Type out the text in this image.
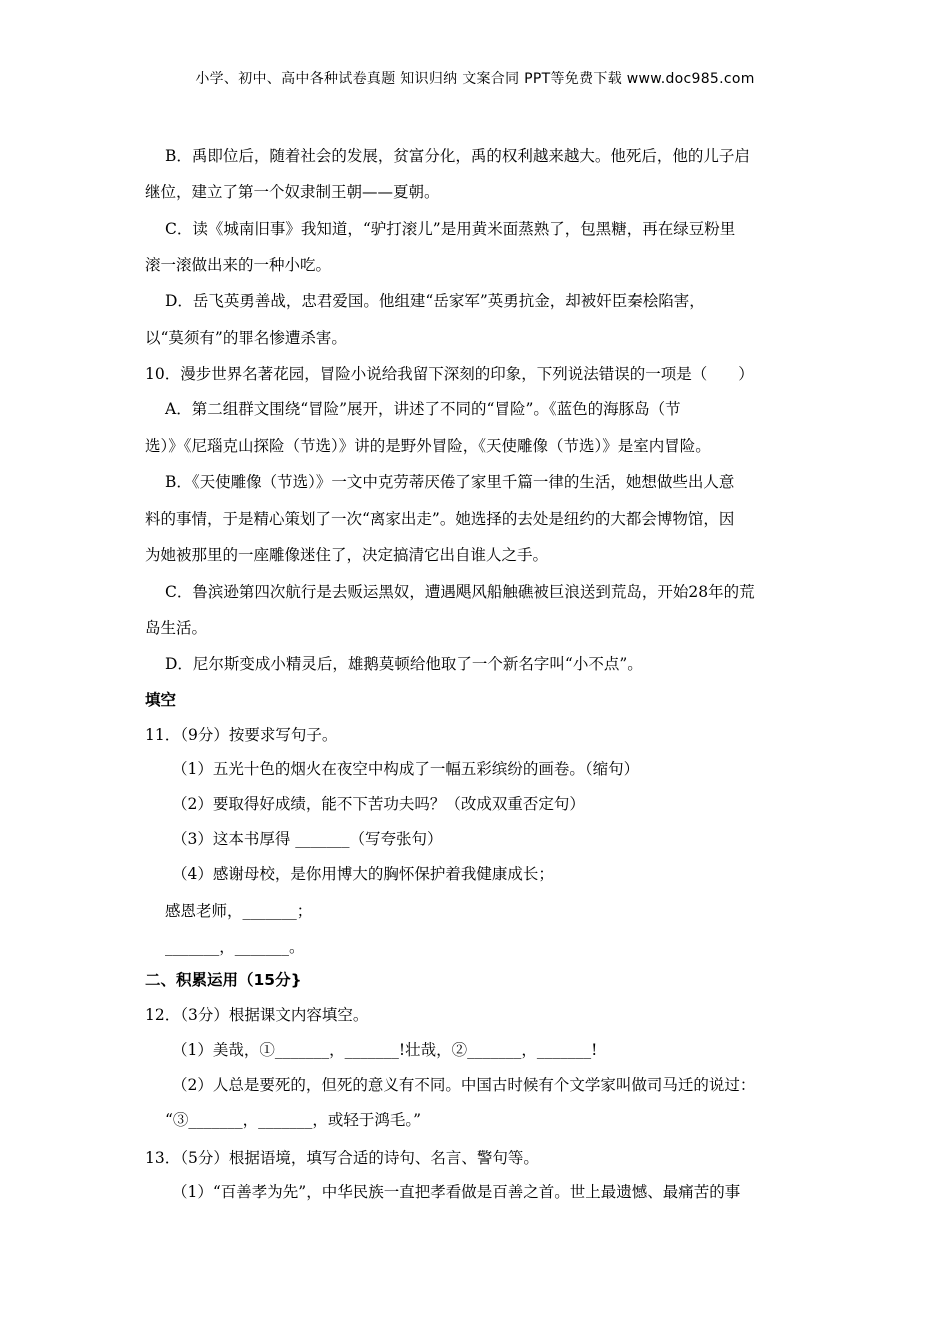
小学、初中、高中各种试卷真题 知识归纳 文案合同 PPT等免费下载 www.doc985.com
B．禹即位后，随着社会的发展，贫富分化，禹的权利越来越大。他死后，他的儿子启
继位，建立了第一个奴隶制王朝——夏朝。
C．读《城南旧事》我知道，“驴打滚儿”是用黄米面蒸熟了，包黑糖，再在绿豆粉里
滚一滚做出来的一种小吃。
D．岳飞英勇善战，忠君爱国。他组建“岳家军”英勇抗金，却被奸臣秦桧陷害，
以“莫须有”的罪名惨遭杀害。
10．漫步世界名著花园，冒险小说给我留下深刻的印象，下列说法错误的一项是（　　）
A．第二组群文围绕“冒险”展开，讲述了不同的“冒险”。《蓝色的海豚岛（节
选）》《尼瑙克山探险（节选）》讲的是野外冒险，《天使雕像（节选）》是室内冒险。
B．《天使雕像（节选）》一文中克劳蒂厌倦了家里千篇一律的生活，她想做些出人意
料的事情，于是精心策划了一次“离家出走”。她选择的去处是纽约的大都会博物馆，因
为她被那里的一座雕像迷住了，决定搞清它出自谁人之手。
C．鲁滨逊第四次航行是去贩运黑奴，遭遇飓风船触礁被巨浪送到荒岛，开始28年的荒
岛生活。
D．尼尔斯变成小精灵后，雄鹅莫顿给他取了一个新名字叫“小不点”。
填空
11．（9分）按要求写句子。
（1）五光十色的烟火在夜空中构成了一幅五彩缤纷的画卷。（缩句）
（2）要取得好成绩，能不下苦功夫吗？（改成双重否定句）
（3）这本书厚得 _______（写夸张句）
（4）感谢母校，是你用博大的胸怀保护着我健康成长；
感恩老师，_______；
_______，_______。
二、积累运用（15分}
12．（3分）根据课文内容填空。
（1）美哉，①_______，_______!壮哉，②_______，_______!
（2）人总是要死的，但死的意义有不同。中国古时候有个文学家叫做司马迁的说过：
“③_______，_______，或轻于鸿毛。”
13．（5分）根据语境，填写合适的诗句、名言、警句等。
（1）“百善孝为先”，中华民族一直把孝看做是百善之首。世上最遗憾、最痛苦的事
